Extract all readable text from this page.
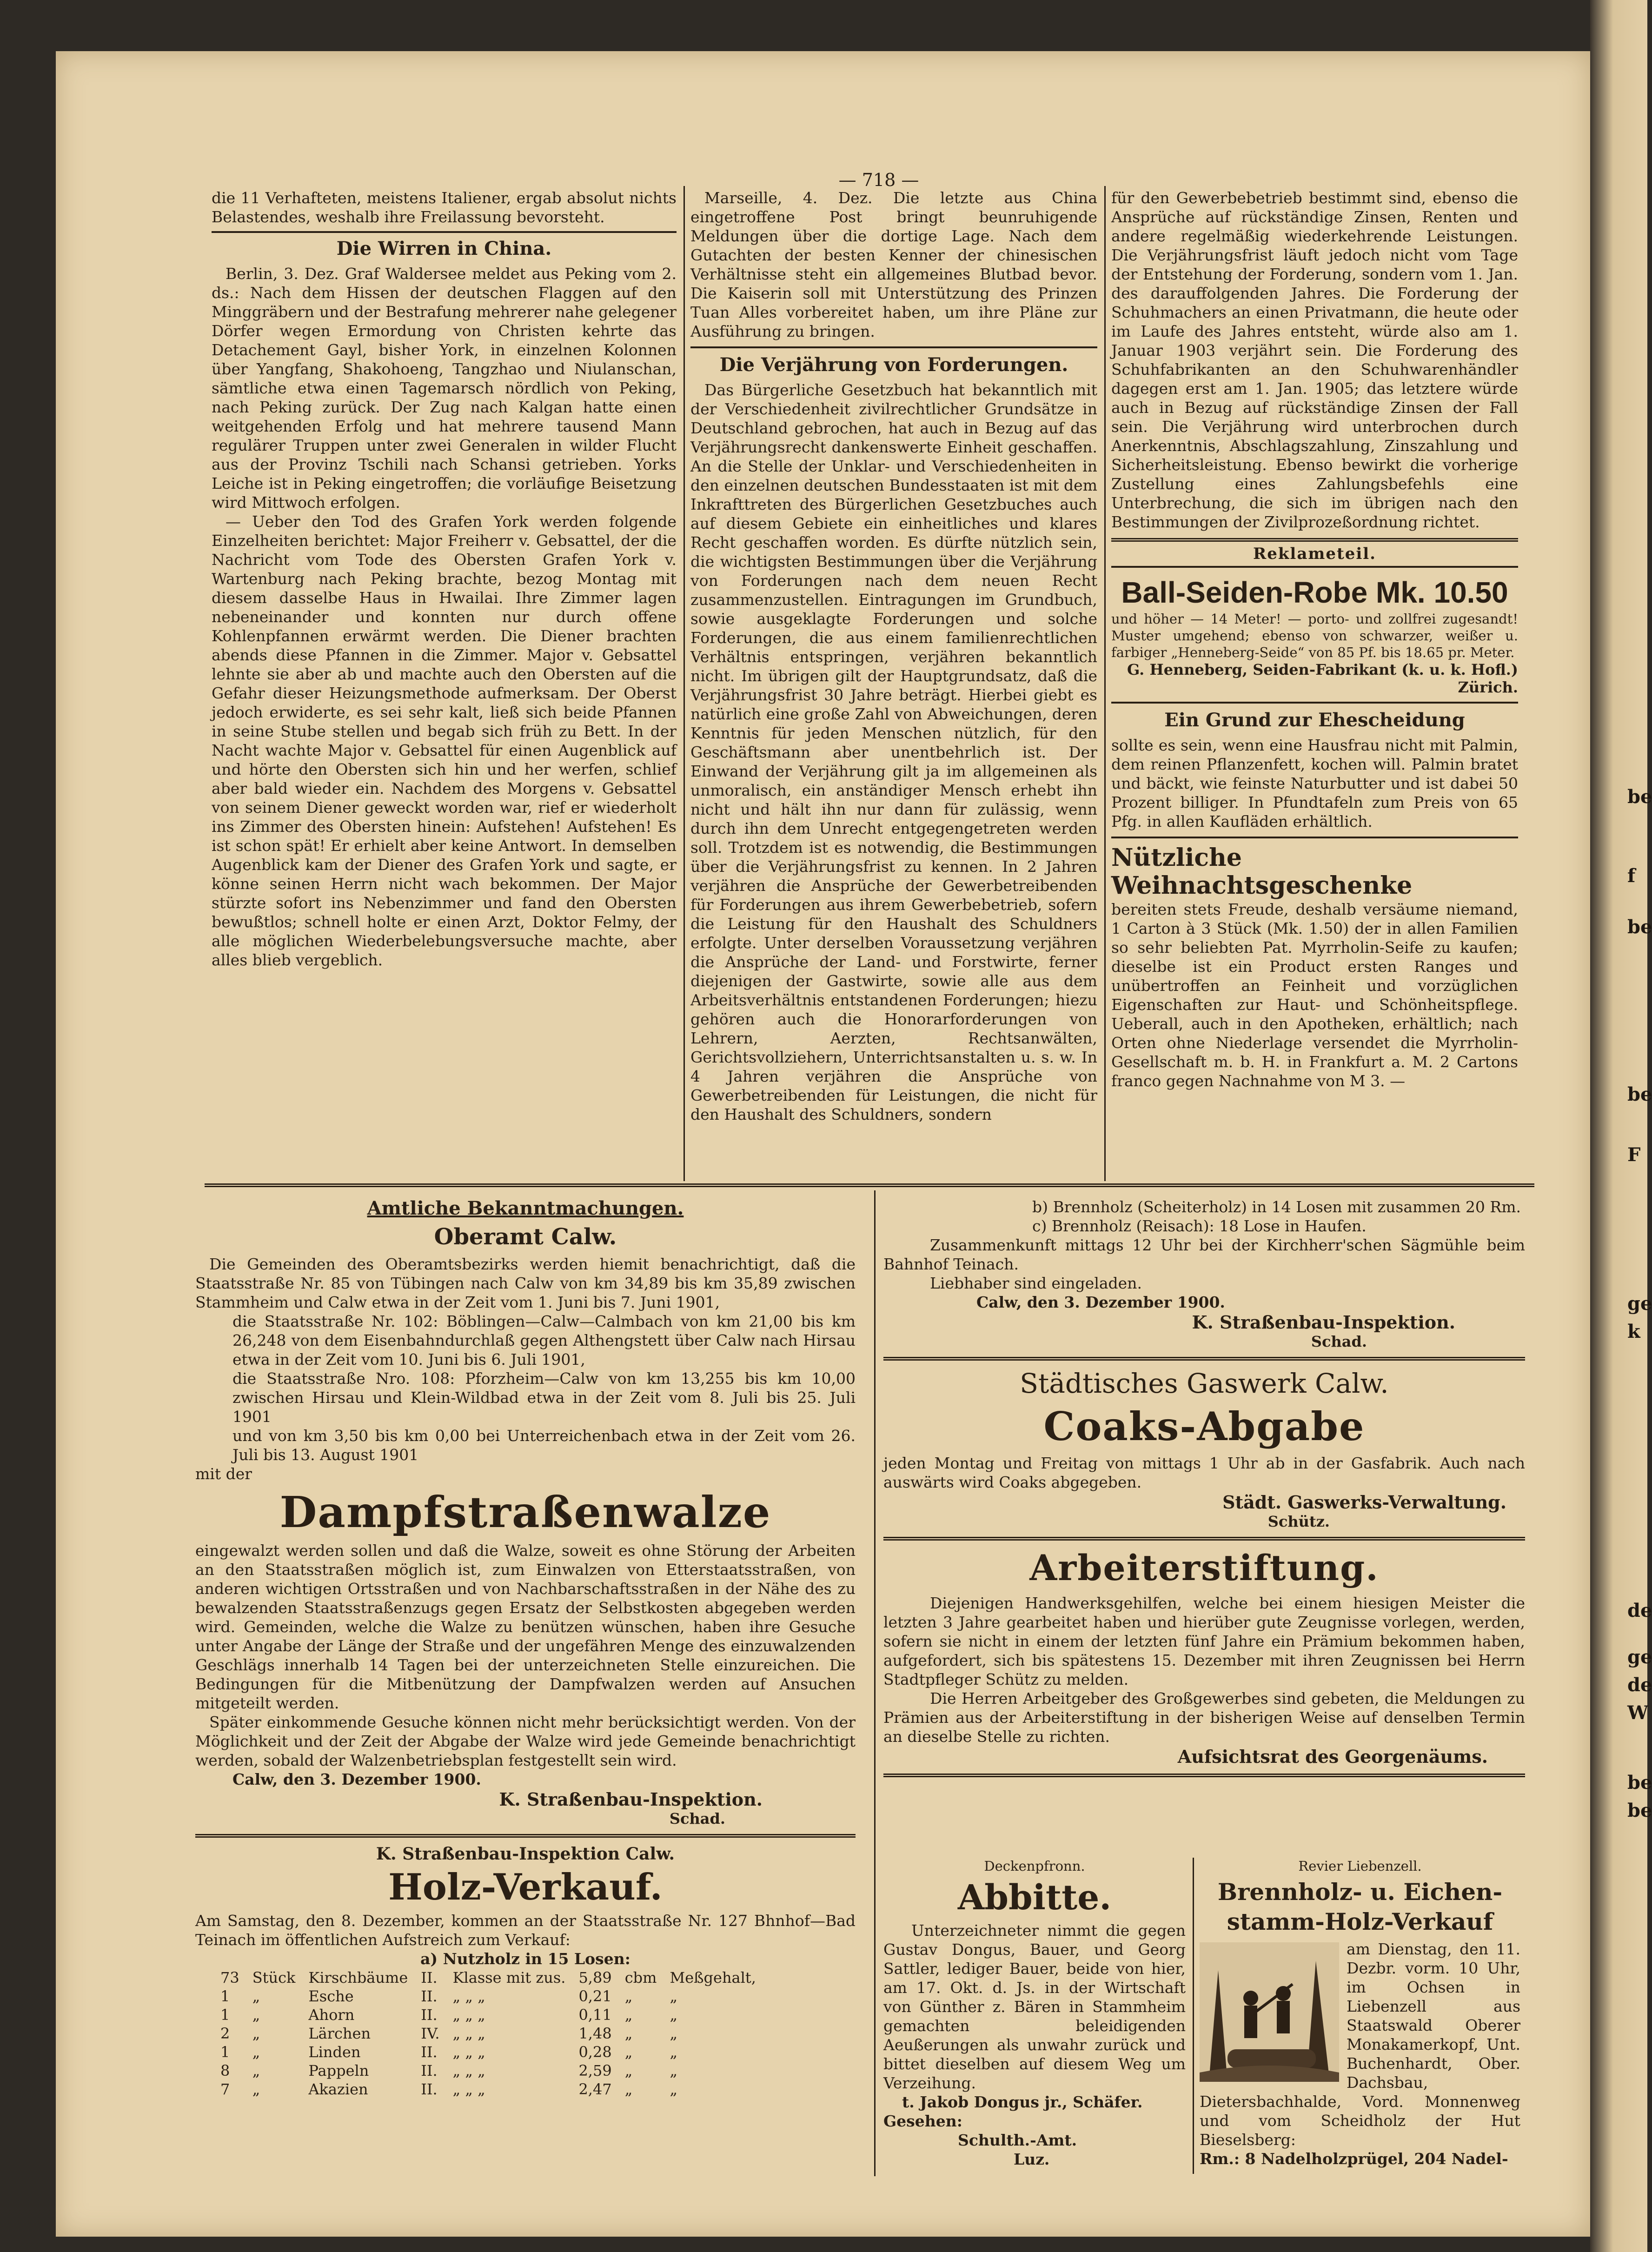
— 718 —

die 11 Verhafteten, meistens Italiener, ergab absolut nichts Belastendes, weshalb ihre Freilassung bevorsteht.

Die Wirren in China.

Berlin, 3. Dez. Graf Waldersee meldet aus Peking vom 2. ds.: Nach dem Hissen der deutschen Flaggen auf den Minggräbern und der Bestrafung mehrerer nahe gelegener Dörfer wegen Ermordung von Christen kehrte das Detachement Gayl, bisher York, in einzelnen Kolonnen über Yangfang, Shakohoeng, Tangzhao und Niulanschan, sämtliche etwa einen Tagemarsch nördlich von Peking, nach Peking zurück. Der Zug nach Kalgan hatte einen weitgehenden Erfolg und hat mehrere tausend Mann regulärer Truppen unter zwei Generalen in wilder Flucht aus der Provinz Tschili nach Schansi getrieben. Yorks Leiche ist in Peking eingetroffen; die vorläufige Beisetzung wird Mittwoch erfolgen.

— Ueber den Tod des Grafen York werden folgende Einzelheiten berichtet: Major Freiherr v. Gebsattel, der die Nachricht vom Tode des Obersten Grafen York v. Wartenburg nach Peking brachte, bezog Montag mit diesem dasselbe Haus in Hwailai. Ihre Zimmer lagen nebeneinander und konnten nur durch offene Kohlenpfannen erwärmt werden. Die Diener brachten abends diese Pfannen in die Zimmer. Major v. Gebsattel lehnte sie aber ab und machte auch den Obersten auf die Gefahr dieser Heizungsmethode aufmerksam. Der Oberst jedoch erwiderte, es sei sehr kalt, ließ sich beide Pfannen in seine Stube stellen und begab sich früh zu Bett. In der Nacht wachte Major v. Gebsattel für einen Augenblick auf und hörte den Obersten sich hin und her werfen, schlief aber bald wieder ein. Nachdem des Morgens v. Gebsattel von seinem Diener geweckt worden war, rief er wiederholt ins Zimmer des Obersten hinein: Aufstehen! Aufstehen! Es ist schon spät! Er erhielt aber keine Antwort. In demselben Augenblick kam der Diener des Grafen York und sagte, er könne seinen Herrn nicht wach bekommen. Der Major stürzte sofort ins Nebenzimmer und fand den Obersten bewußtlos; schnell holte er einen Arzt, Doktor Felmy, der alle möglichen Wiederbelebungsversuche machte, aber alles blieb vergeblich.

Marseille, 4. Dez. Die letzte aus China eingetroffene Post bringt beunruhigende Meldungen über die dortige Lage. Nach dem Gutachten der besten Kenner der chinesischen Verhältnisse steht ein allgemeines Blutbad bevor. Die Kaiserin soll mit Unterstützung des Prinzen Tuan Alles vorbereitet haben, um ihre Pläne zur Ausführung zu bringen.

Die Verjährung von Forderungen.

Das Bürgerliche Gesetzbuch hat bekanntlich mit der Verschiedenheit zivilrechtlicher Grundsätze in Deutschland gebrochen, hat auch in Bezug auf das Verjährungsrecht dankenswerte Einheit geschaffen. An die Stelle der Unklar- und Verschiedenheiten in den einzelnen deutschen Bundesstaaten ist mit dem Inkrafttreten des Bürgerlichen Gesetzbuches auch auf diesem Gebiete ein einheitliches und klares Recht geschaffen worden. Es dürfte nützlich sein, die wichtigsten Bestimmungen über die Verjährung von Forderungen nach dem neuen Recht zusammenzustellen. Eintragungen im Grundbuch, sowie ausgeklagte Forderungen und solche Forderungen, die aus einem familienrechtlichen Verhältnis entspringen, verjähren bekanntlich nicht. Im übrigen gilt der Hauptgrundsatz, daß die Verjährungsfrist 30 Jahre beträgt. Hierbei giebt es natürlich eine große Zahl von Abweichungen, deren Kenntnis für jeden Menschen nützlich, für den Geschäftsmann aber unentbehrlich ist. Der Einwand der Verjährung gilt ja im allgemeinen als unmoralisch, ein anständiger Mensch erhebt ihn nicht und hält ihn nur dann für zulässig, wenn durch ihn dem Unrecht entgegengetreten werden soll. Trotzdem ist es notwendig, die Bestimmungen über die Verjährungsfrist zu kennen. In 2 Jahren verjähren die Ansprüche der Gewerbetreibenden für Forderungen aus ihrem Gewerbebetrieb, sofern die Leistung für den Haushalt des Schuldners erfolgte. Unter derselben Voraussetzung verjähren die Ansprüche der Land- und Forstwirte, ferner diejenigen der Gastwirte, sowie alle aus dem Arbeitsverhältnis entstandenen Forderungen; hiezu gehören auch die Honorarforderungen von Lehrern, Aerzten, Rechtsanwälten, Gerichtsvollziehern, Unterrichtsanstalten u. s. w. In 4 Jahren verjähren die Ansprüche von Gewerbetreibenden für Leistungen, die nicht für den Haushalt des Schuldners, sondern

für den Gewerbebetrieb bestimmt sind, ebenso die Ansprüche auf rückständige Zinsen, Renten und andere regelmäßig wiederkehrende Leistungen. Die Verjährungsfrist läuft jedoch nicht vom Tage der Entstehung der Forderung, sondern vom 1. Jan. des darauffolgenden Jahres. Die Forderung der Schuhmachers an einen Privatmann, die heute oder im Laufe des Jahres entsteht, würde also am 1. Januar 1903 verjährt sein. Die Forderung des Schuhfabrikanten an den Schuhwarenhändler dagegen erst am 1. Jan. 1905; das letztere würde auch in Bezug auf rückständige Zinsen der Fall sein. Die Verjährung wird unterbrochen durch Anerkenntnis, Abschlagszahlung, Zinszahlung und Sicherheitsleistung. Ebenso bewirkt die vorherige Zustellung eines Zahlungsbefehls eine Unterbrechung, die sich im übrigen nach den Bestimmungen der Zivilprozeßordnung richtet.

Reklameteil.
Ball-Seiden-Robe Mk. 10.50

und höher — 14 Meter! — porto- und zollfrei zugesandt! Muster umgehend; ebenso von schwarzer, weißer u. farbiger „Henneberg-Seide“ von 85 Pf. bis 18.65 pr. Meter.

G. Henneberg, Seiden-Fabrikant (k. u. k. Hofl.) Zürich.

Ein Grund zur Ehescheidung

sollte es sein, wenn eine Hausfrau nicht mit Palmin, dem reinen Pflanzenfett, kochen will. Palmin bratet und bäckt, wie feinste Naturbutter und ist dabei 50 Prozent billiger. In Pfundtafeln zum Preis von 65 Pfg. in allen Kaufläden erhältlich.

Nützliche Weihnachtsgeschenke

bereiten stets Freude, deshalb versäume niemand, 1 Carton à 3 Stück (Mk. 1.50) der in allen Familien so sehr beliebten Pat. Myrrholin-Seife zu kaufen; dieselbe ist ein Product ersten Ranges und unübertroffen an Feinheit und vorzüglichen Eigenschaften zur Haut- und Schönheitspflege. Ueberall, auch in den Apotheken, erhältlich; nach Orten ohne Niederlage versendet die Myrrholin-Gesellschaft m. b. H. in Frankfurt a. M. 2 Cartons franco gegen Nachnahme von M 3. —

Amtliche Bekanntmachungen.
Oberamt Calw.

Die Gemeinden des Oberamtsbezirks werden hiemit benachrichtigt, daß die Staatsstraße Nr. 85 von Tübingen nach Calw von km 34,89 bis km 35,89 zwischen Stammheim und Calw etwa in der Zeit vom 1. Juni bis 7. Juni 1901,

die Staatsstraße Nr. 102: Böblingen—Calw—Calmbach von km 21,00 bis km 26,248 von dem Eisenbahndurchlaß gegen Althengstett über Calw nach Hirsau etwa in der Zeit vom 10. Juni bis 6. Juli 1901,

die Staatsstraße Nro. 108: Pforzheim—Calw von km 13,255 bis km 10,00 zwischen Hirsau und Klein-Wildbad etwa in der Zeit vom 8. Juli bis 25. Juli 1901

und von km 3,50 bis km 0,00 bei Unterreichenbach etwa in der Zeit vom 26. Juli bis 13. August 1901

mit der

Dampfstraßenwalze

eingewalzt werden sollen und daß die Walze, soweit es ohne Störung der Arbeiten an den Staatsstraßen möglich ist, zum Einwalzen von Etterstaatsstraßen, von anderen wichtigen Ortsstraßen und von Nachbarschaftsstraßen in der Nähe des zu bewalzenden Staatsstraßenzugs gegen Ersatz der Selbstkosten abgegeben werden wird. Gemeinden, welche die Walze zu benützen wünschen, haben ihre Gesuche unter Angabe der Länge der Straße und der ungefähren Menge des einzuwalzenden Geschlägs innerhalb 14 Tagen bei der unterzeichneten Stelle einzureichen. Die Bedingungen für die Mitbenützung der Dampfwalzen werden auf Ansuchen mitgeteilt werden.

Später einkommende Gesuche können nicht mehr berücksichtigt werden. Von der Möglichkeit und der Zeit der Abgabe der Walze wird jede Gemeinde benachrichtigt werden, sobald der Walzenbetriebsplan festgestellt sein wird.

Calw, den 3. Dezember 1900.

K. Straßenbau-Inspektion.
Schad.
K. Straßenbau-Inspektion Calw.
Holz-Verkauf.

Am Samstag, den 8. Dezember, kommen an der Staatsstraße Nr. 127 Bhnhof—Bad Teinach im öffentlichen Aufstreich zum Verkauf:

a) Nutzholz in 15 Losen:
73	Stück	Kirschbäume	II.	Klasse mit zus.	5,89	cbm	Meßgehalt,
1	„	Esche	II.	„ „ „	0,21	„	„
1	„	Ahorn	II.	„ „ „	0,11	„	„
2	„	Lärchen	IV.	„ „ „	1,48	„	„
1	„	Linden	II.	„ „ „	0,28	„	„
8	„	Pappeln	II.	„ „ „	2,59	„	„
7	„	Akazien	II.	„ „ „	2,47	„	„

b) Brennholz (Scheiterholz) in 14 Losen mit zusammen 20 Rm.

c) Brennholz (Reisach): 18 Lose in Haufen.

Zusammenkunft mittags 12 Uhr bei der Kirchherr'schen Sägmühle beim Bahnhof Teinach.

Liebhaber sind eingeladen.

Calw, den 3. Dezember 1900.

K. Straßenbau-Inspektion.
Schad.
Städtisches Gaswerk Calw.
Coaks-Abgabe

jeden Montag und Freitag von mittags 1 Uhr ab in der Gasfabrik. Auch nach auswärts wird Coaks abgegeben.

Städt. Gaswerks-Verwaltung.
Schütz.
Arbeiterstiftung.

Diejenigen Handwerksgehilfen, welche bei einem hiesigen Meister die letzten 3 Jahre gearbeitet haben und hierüber gute Zeugnisse vorlegen, werden, sofern sie nicht in einem der letzten fünf Jahre ein Prämium bekommen haben, aufgefordert, sich bis spätestens 15. Dezember mit ihren Zeugnissen bei Herrn Stadtpfleger Schütz zu melden.

Die Herren Arbeitgeber des Großgewerbes sind gebeten, die Meldungen zu Prämien aus der Arbeiterstiftung in der bisherigen Weise auf denselben Termin an dieselbe Stelle zu richten.

Aufsichtsrat des Georgenäums.
Deckenpfronn.
Abbitte.

Unterzeichneter nimmt die gegen Gustav Dongus, Bauer, und Georg Sattler, lediger Bauer, beide von hier, am 17. Okt. d. Js. in der Wirtschaft von Günther z. Bären in Stammheim gemachten beleidigenden Aeußerungen als unwahr zurück und bittet dieselben auf diesem Weg um Verzeihung.

t. Jakob Dongus jr., Schäfer.

Gesehen:

Schulth.-Amt.

Luz.

Revier Liebenzell.
Brennholz- u. Eichen-stamm-Holz-Verkauf

am Dienstag, den 11. Dezbr. vorm. 10 Uhr, im Ochsen in Liebenzell aus Staatswald Oberer Monakamerkopf, Unt. Buchenhardt, Ober. Dachsbau, Dietersbachhalde, Vord. Monnenweg und vom Scheidholz der Hut Bieselsberg:

Rm.: 8 Nadelholzprügel, 204 Nadel-

be
f
be
be
F
ge
k
de
ge
de
W
be
be
